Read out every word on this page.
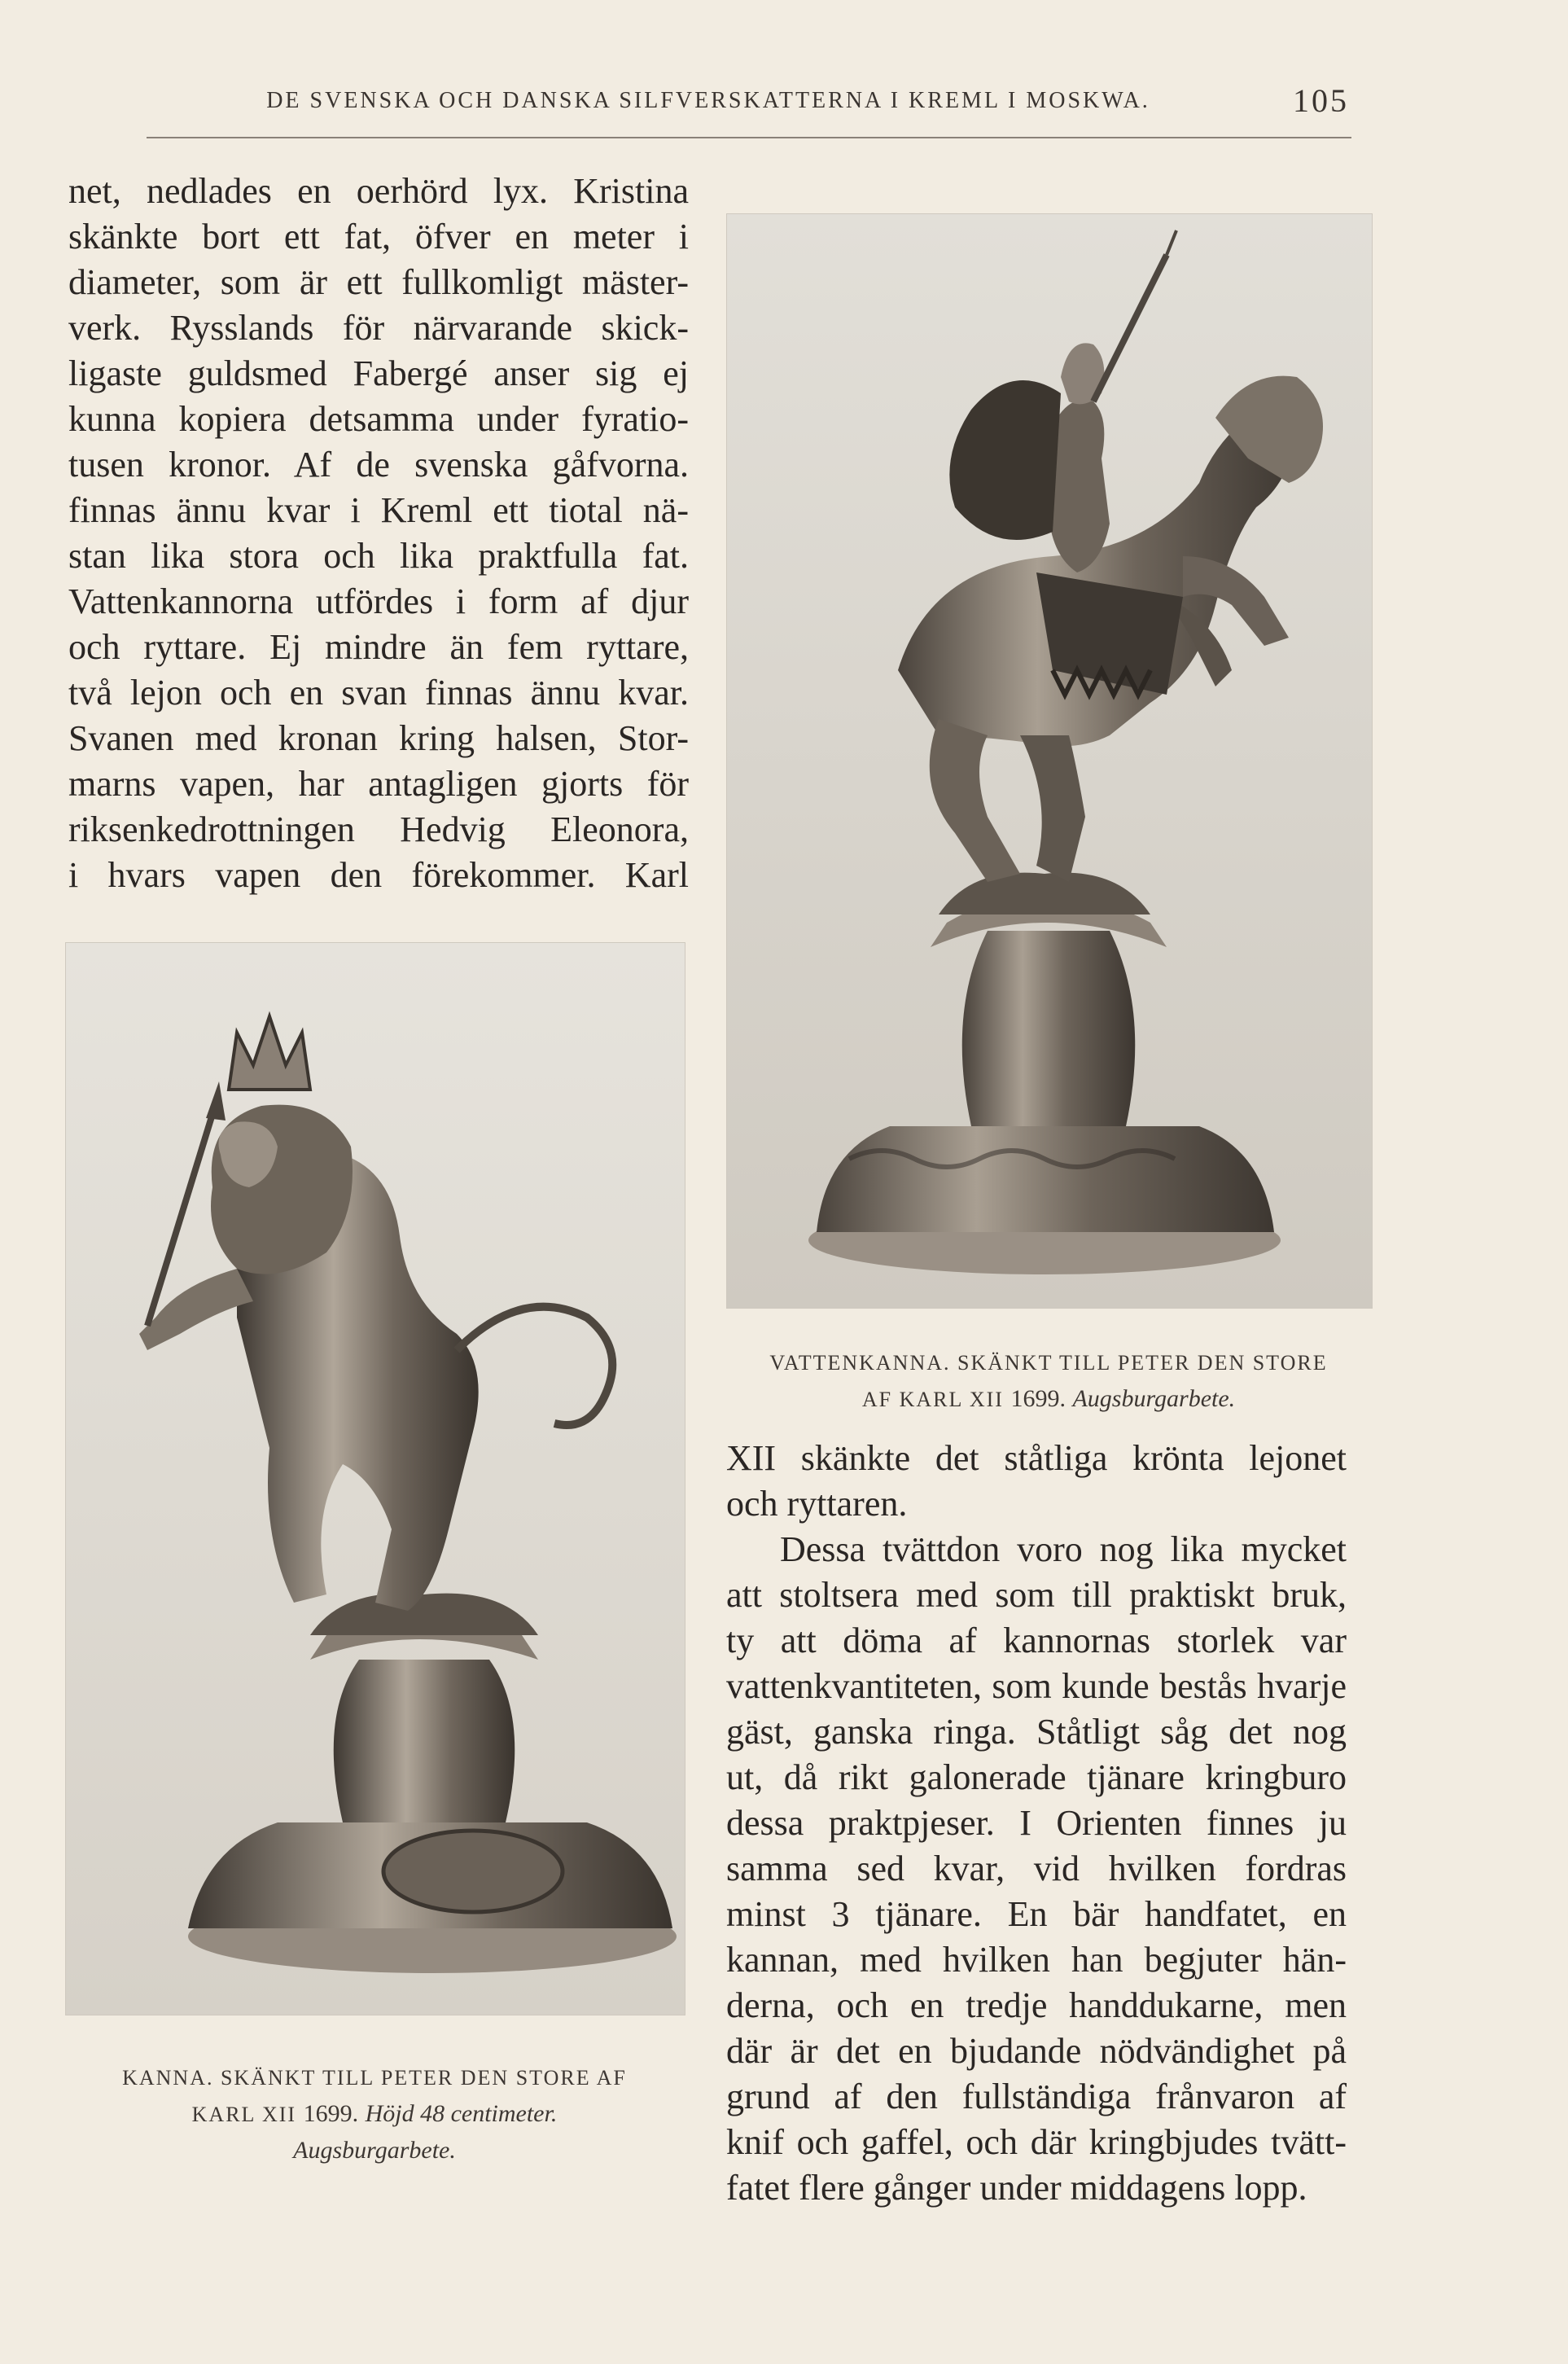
DE SVENSKA OCH DANSKA SILFVERSKATTERNA I KREML I MOSKWA.	105
net, nedlades en oerhörd lyx. Kristina
skänkte bort ett fat, öfver en meter i
diameter, som är ett fullkomligt mäster-
verk. Rysslands för närvarande skick-
ligaste guldsmed Fabergé anser sig ej
kunna kopiera detsamma under fyratio-
tusen kronor. Af de svenska gåfvorna.
finnas ännu kvar i Kreml ett tiotal nä-
stan lika stora och lika praktfulla fat.
Vattenkannorna utfördes i form af djur
och ryttare. Ej mindre än fem ryttare,
två lejon och en svan finnas ännu kvar.
Svanen med kronan kring halsen, Stor-
marns vapen, har antagligen gjorts för
riksenkedrottningen Hedvig Eleonora,
i hvars vapen den förekommer. Karl
VATTENKANNA. SKÄNKT TILL PETER DEN STORE
AF KARL XII 1699. Augsburgarbete.
KANNA. SKÄNKT TILL PETER DEN STORE AF
KARL XII 1699. Höjd 48 centimeter.
Augsburgarbete.
XII skänkte det ståtliga krönta lejonet
och ryttaren.
Dessa tvättdon voro nog lika mycket
att stoltsera med som till praktiskt bruk,
ty att döma af kannornas storlek var
vattenkvantiteten, som kunde bestås hvarje
gäst, ganska ringa. Ståtligt såg det nog
ut, då rikt galonerade tjänare kringburo
dessa praktpjeser. I Orienten finnes ju
samma sed kvar, vid hvilken fordras
minst 3 tjänare. En bär handfatet, en
kannan, med hvilken han begjuter hän-
derna, och en tredje handdukarne, men
där är det en bjudande nödvändighet på
grund af den fullständiga frånvaron af
knif och gaffel, och där kringbjudes tvätt-
fatet flere gånger under middagens lopp.
